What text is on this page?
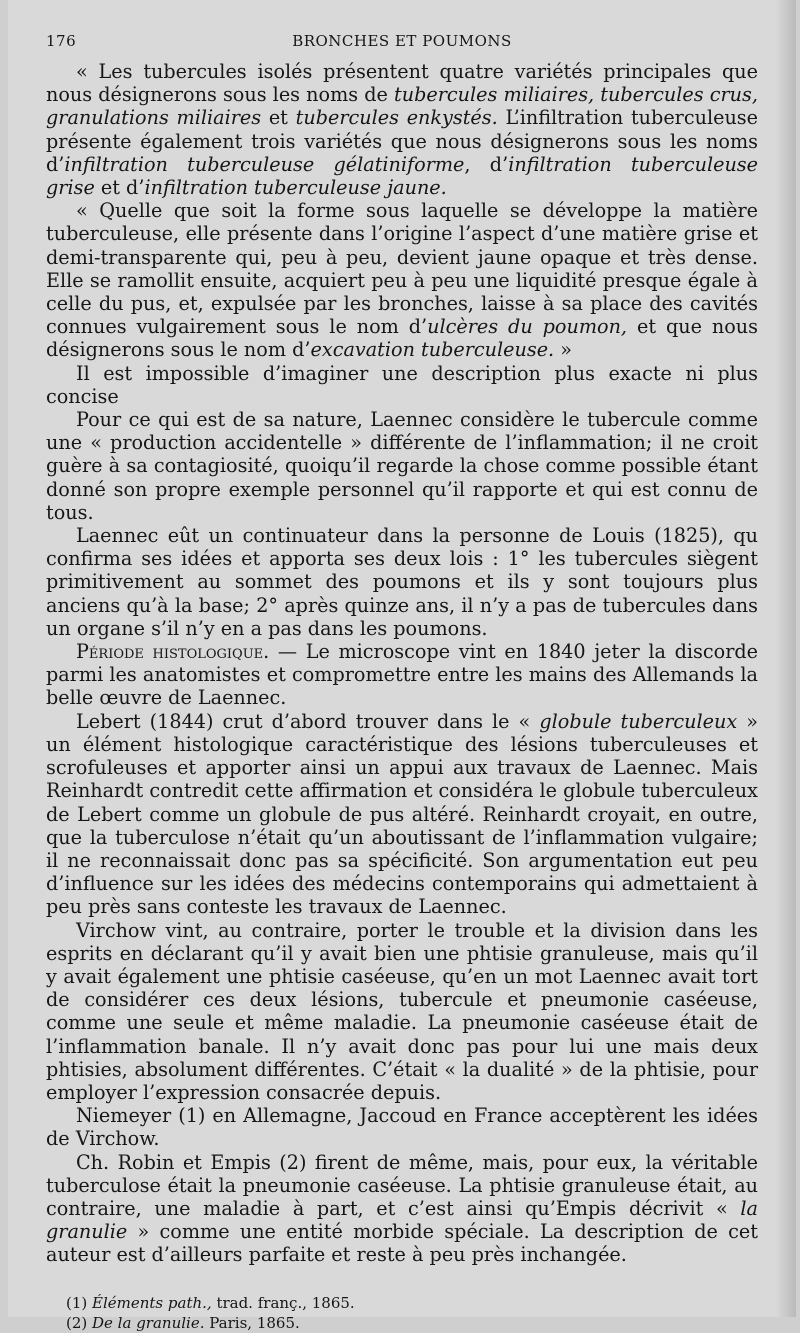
176	BRONCHES ET POUMONS

« Les tubercules isolés présentent quatre variétés principales que nous désignerons sous les noms de tubercules miliaires, tubercules crus, granulations miliaires et tubercules enkystés. L’infiltration tuberculeuse présente également trois variétés que nous désignerons sous les noms d’infiltration tuberculeuse gélatiniforme, d’infiltration tuberculeuse grise et d’infiltration tuberculeuse jaune.

« Quelle que soit la forme sous laquelle se développe la matière tuberculeuse, elle présente dans l’origine l’aspect d’une matière grise et demi-transparente qui, peu à peu, devient jaune opaque et très dense. Elle se ramollit ensuite, acquiert peu à peu une liquidité presque égale à celle du pus, et, expulsée par les bronches, laisse à sa place des cavités connues vulgairement sous le nom d’ulcères du poumon, et que nous désignerons sous le nom d’excavation tuberculeuse. »

Il est impossible d’imaginer une description plus exacte ni plus concise

Pour ce qui est de sa nature, Laennec considère le tubercule comme une « production accidentelle » différente de l’inflammation; il ne croit guère à sa contagiosité, quoiqu’il regarde la chose comme possible étant donné son propre exemple personnel qu’il rapporte et qui est connu de tous.

Laennec eût un continuateur dans la personne de Louis (1825), qu confirma ses idées et apporta ses deux lois : 1° les tubercules siègent primitivement au sommet des poumons et ils y sont toujours plus anciens qu’à la base; 2° après quinze ans, il n’y a pas de tubercules dans un organe s’il n’y en a pas dans les poumons.

Période histologique. — Le microscope vint en 1840 jeter la discorde parmi les anatomistes et compromettre entre les mains des Allemands la belle œuvre de Laennec.

Lebert (1844) crut d’abord trouver dans le « globule tuberculeux » un élément histologique caractéristique des lésions tuberculeuses et scrofuleuses et apporter ainsi un appui aux travaux de Laennec. Mais Reinhardt contredit cette affirmation et considéra le globule tuberculeux de Lebert comme un globule de pus altéré. Reinhardt croyait, en outre, que la tuberculose n’était qu’un aboutissant de l’inflammation vulgaire; il ne reconnaissait donc pas sa spécificité. Son argumentation eut peu d’influence sur les idées des médecins contemporains qui admettaient à peu près sans conteste les travaux de Laennec.

Virchow vint, au contraire, porter le trouble et la division dans les esprits en déclarant qu’il y avait bien une phtisie granuleuse, mais qu’il y avait également une phtisie caséeuse, qu’en un mot Laennec avait tort de considérer ces deux lésions, tubercule et pneumonie caséeuse, comme une seule et même maladie. La pneumonie caséeuse était de l’inflammation banale. Il n’y avait donc pas pour lui une mais deux phtisies, absolument différentes. C’était « la dualité » de la phtisie, pour employer l’expression consacrée depuis.

Niemeyer (1) en Allemagne, Jaccoud en France acceptèrent les idées de Virchow.

Ch. Robin et Empis (2) firent de même, mais, pour eux, la véritable tuberculose était la pneumonie caséeuse. La phtisie granuleuse était, au contraire, une maladie à part, et c’est ainsi qu’Empis décrivit « la granulie » comme une entité morbide spéciale. La description de cet auteur est d’ailleurs parfaite et reste à peu près inchangée.

(1) Éléments path., trad. franç., 1865.
(2) De la granulie. Paris, 1865.
